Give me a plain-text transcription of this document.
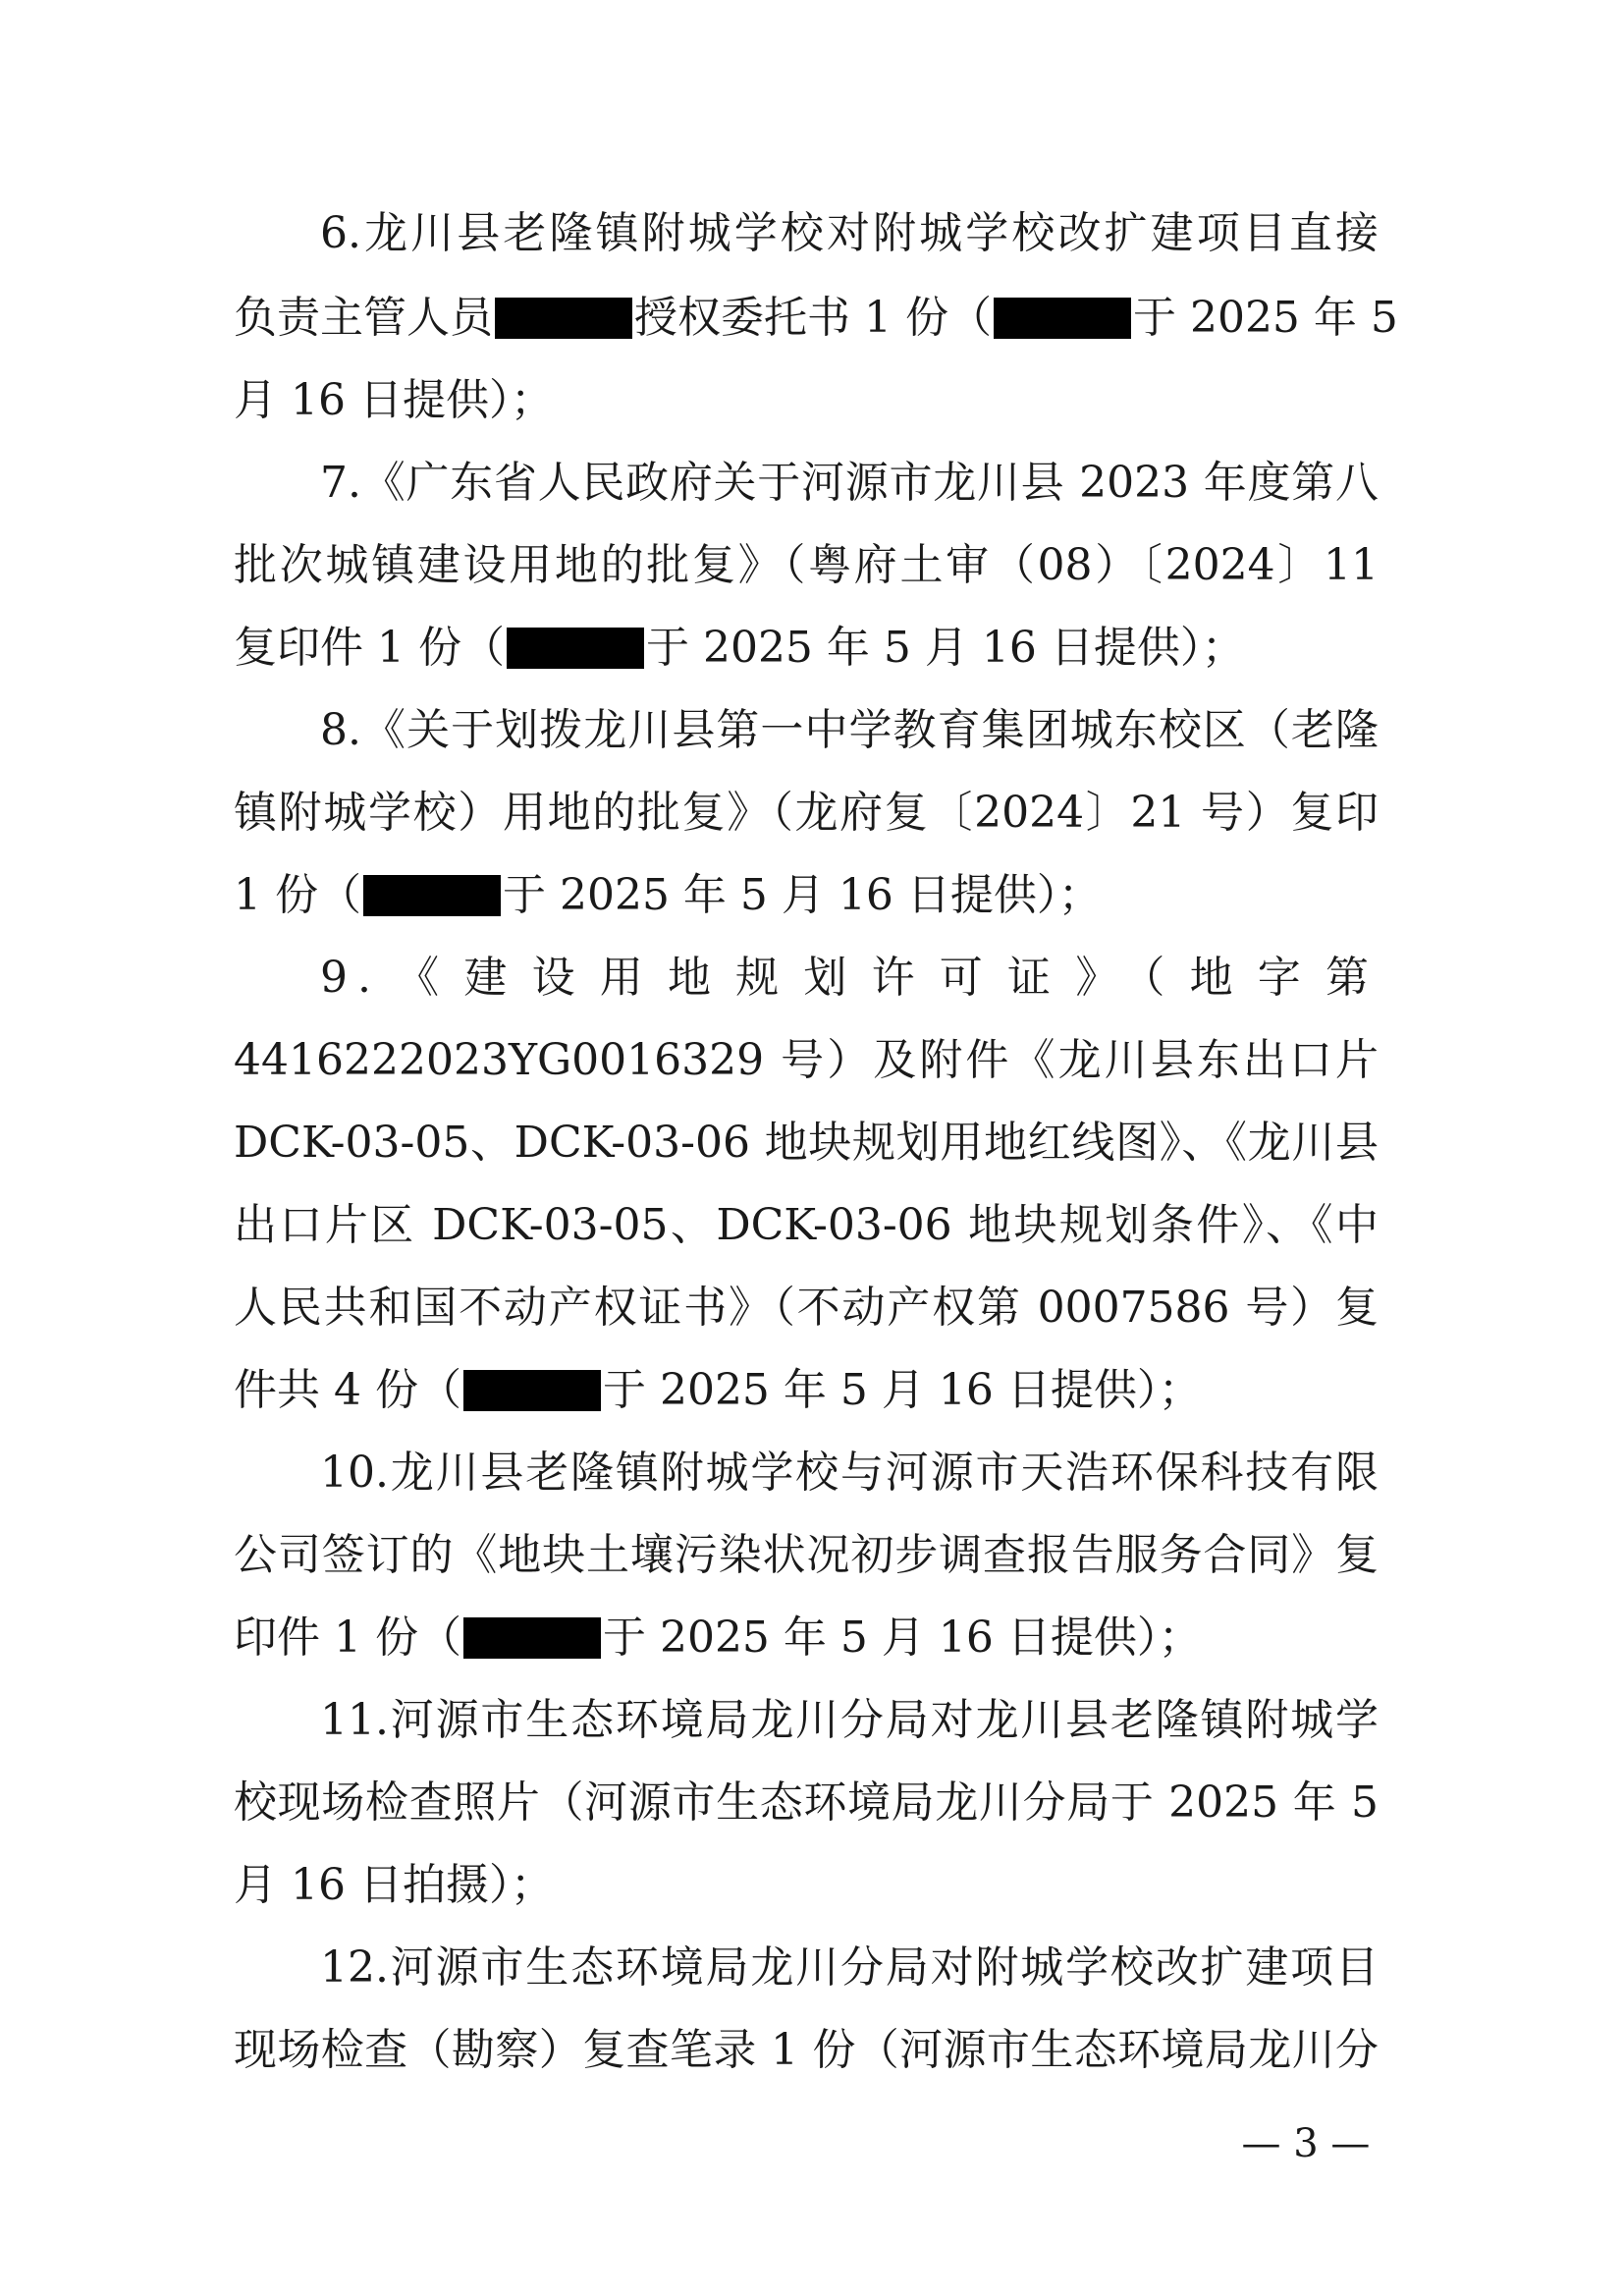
6.龙川县老隆镇附城学校对附城学校改扩建项目直接
负责主管人员	授权委托书 1 份（	于 2025 年 5
月 16 日提供）；
7.《广东省人民政府关于河源市龙川县 2023 年度第八
批次城镇建设用地的批复》（粤府土审（08）〔2024〕11
复印件 1 份（	于 2025 年 5 月 16 日提供）；
8.《关于划拨龙川县第一中学教育集团城东校区（老隆
镇附城学校）用地的批复》（龙府复〔2024〕21 号）复印
1 份（	于 2025 年 5 月 16 日提供）；
9.《建设用地规划许可证》（地字第
4416222023YG0016329 号）及附件《龙川县东出口片
DCK-03-05、DCK-03-06 地块规划用地红线图》、《龙川县
出口片区 DCK-03-05、DCK-03-06 地块规划条件》、《中
人民共和国不动产权证书》（不动产权第 0007586 号）复
件共 4 份（	于 2025 年 5 月 16 日提供）；
10.龙川县老隆镇附城学校与河源市天浩环保科技有限
公司签订的《地块土壤污染状况初步调查报告服务合同》复
印件 1 份（	于 2025 年 5 月 16 日提供）；
11.河源市生态环境局龙川分局对龙川县老隆镇附城学
校现场检查照片（河源市生态环境局龙川分局于 2025 年 5
月 16 日拍摄）；
12.河源市生态环境局龙川分局对附城学校改扩建项目
现场检查（勘察）复查笔录 1 份（河源市生态环境局龙川分
— 3 —
